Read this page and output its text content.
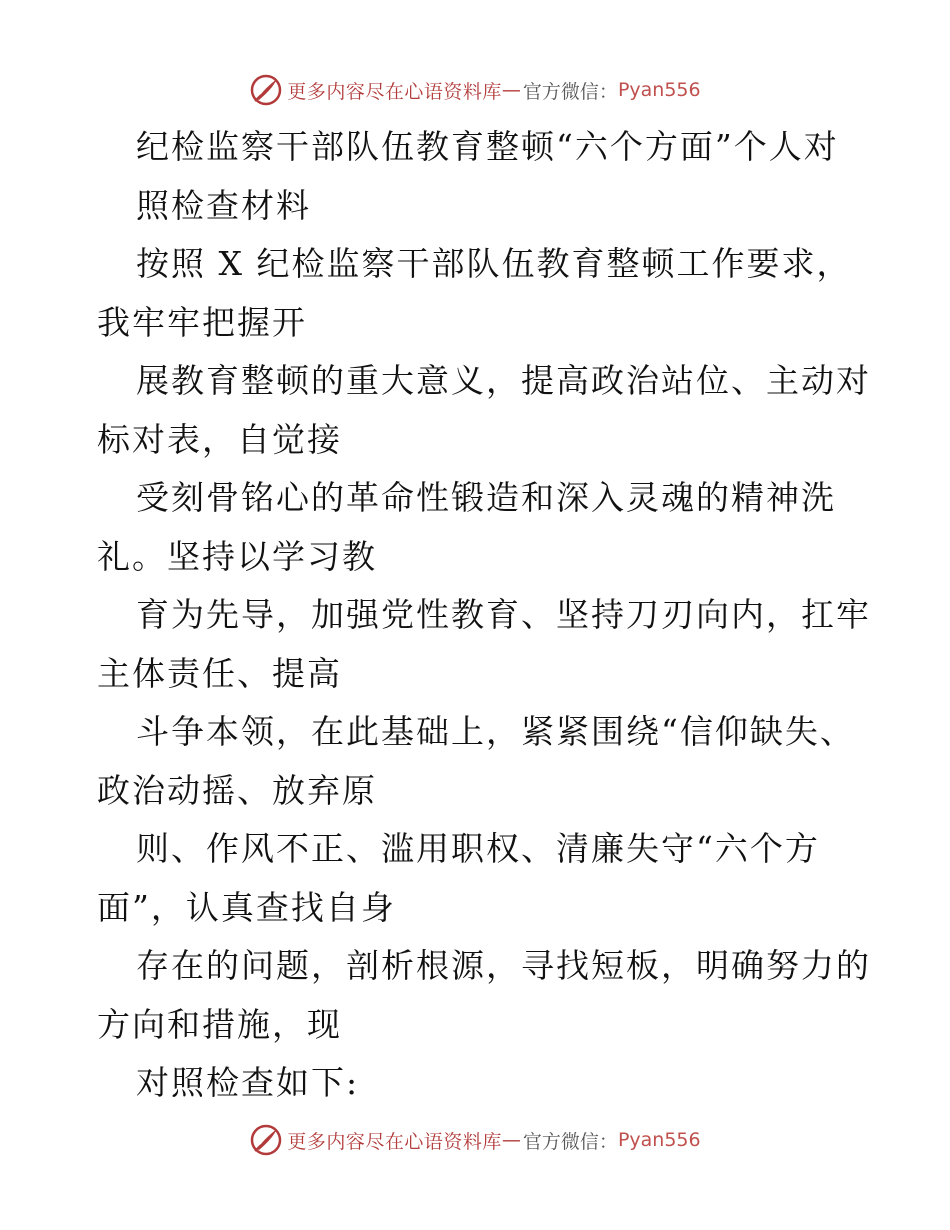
更多内容尽在心语资料库 — 官方微信： Pyan556
纪检监察干部队伍教育整顿“六个方面”个人对
照检查材料
按照 X 纪检监察干部队伍教育整顿工作要求，
我牢牢把握开
展教育整顿的重大意义，提高政治站位、主动对
标对表，自觉接
受刻骨铭心的革命性锻造和深入灵魂的精神洗
礼。坚持以学习教
育为先导，加强党性教育、坚持刀刃向内，扛牢
主体责任、提高
斗争本领，在此基础上，紧紧围绕“信仰缺失、
政治动摇、放弃原
则、作风不正、滥用职权、清廉失守“六个方
面”，认真查找自身
存在的问题，剖析根源，寻找短板，明确努力的
方向和措施，现
对照检查如下:
更多内容尽在心语资料库 — 官方微信： Pyan556
